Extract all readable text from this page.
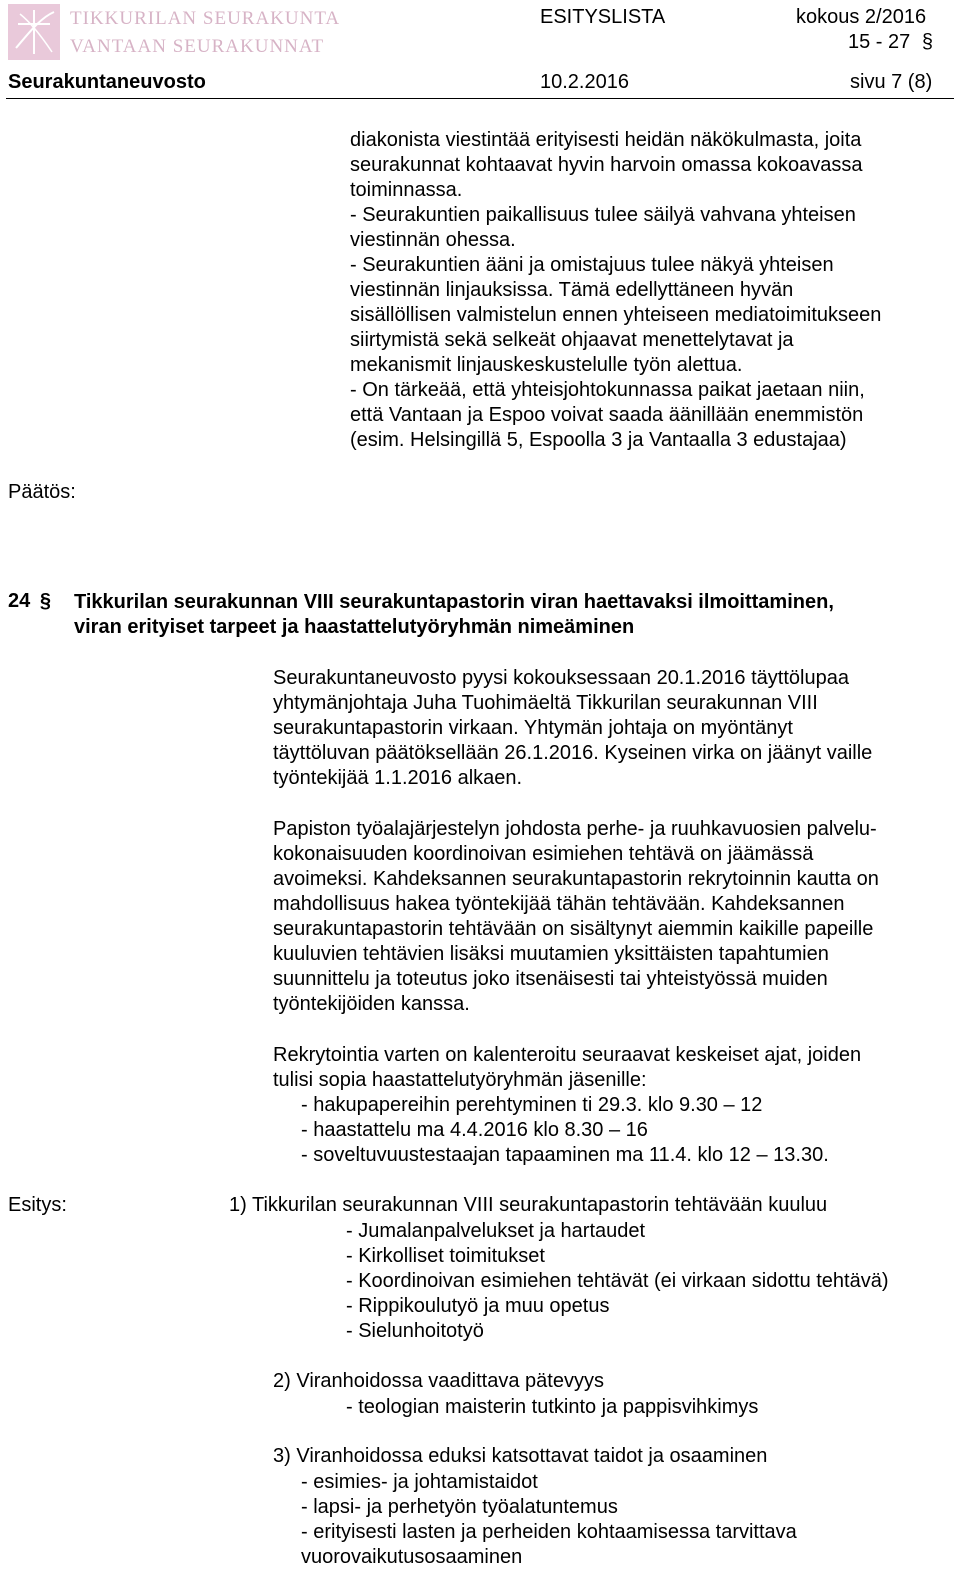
TIKKURILAN SEURAKUNTA
VANTAAN SEURAKUNNAT
ESITYSLISTA	kokous 2/2016
15 - 27 §
Seurakuntaneuvosto	10.2.2016	sivu 7 (8)
diakonista viestintää erityisesti heidän näkökulmasta, joita
seurakunnat kohtaavat hyvin harvoin omassa kokoavassa
toiminnassa.
- Seurakuntien paikallisuus tulee säilyä vahvana yhteisen
viestinnän ohessa.
- Seurakuntien ääni ja omistajuus tulee näkyä yhteisen
viestinnän linjauksissa. Tämä edellyttäneen hyvän
sisällöllisen valmistelun ennen yhteiseen mediatoimitukseen
siirtymistä sekä selkeät ohjaavat menettelytavat ja
mekanismit linjauskeskustelulle työn alettua.
- On tärkeää, että yhteisjohtokunnassa paikat jaetaan niin,
että Vantaan ja Espoo voivat saada äänillään enemmistön
(esim. Helsingillä 5, Espoolla 3 ja Vantaalla 3 edustajaa)
Päätös:
24 § Tikkurilan seurakunnan VIII seurakuntapastorin viran haettavaksi ilmoittaminen,
viran erityiset tarpeet ja haastattelutyöryhmän nimeäminen
Seurakuntaneuvosto pyysi kokouksessaan 20.1.2016 täyttölupaa
yhtymänjohtaja Juha Tuohimäeltä Tikkurilan seurakunnan VIII
seurakuntapastorin virkaan. Yhtymän johtaja on myöntänyt
täyttöluvan päätöksellään 26.1.2016. Kyseinen virka on jäänyt vaille
työntekijää 1.1.2016 alkaen.
Papiston työalajärjestelyn johdosta perhe- ja ruuhkavuosien palvelu-
kokonaisuuden koordinoivan esimiehen tehtävä on jäämässä
avoimeksi. Kahdeksannen seurakuntapastorin rekrytoinnin kautta on
mahdollisuus hakea työntekijää tähän tehtävään. Kahdeksannen
seurakuntapastorin tehtävään on sisältynyt aiemmin kaikille papeille
kuuluvien tehtävien lisäksi muutamien yksittäisten tapahtumien
suunnittelu ja toteutus joko itsenäisesti tai yhteistyössä muiden
työntekijöiden kanssa.
Rekrytointia varten on kalenteroitu seuraavat keskeiset ajat, joiden
tulisi sopia haastattelutyöryhmän jäsenille:
- hakupapereihin perehtyminen ti 29.3. klo 9.30 – 12
- haastattelu ma 4.4.2016 klo 8.30 – 16
- soveltuvuustestaajan tapaaminen ma 11.4. klo 12 – 13.30.
Esitys:	1) Tikkurilan seurakunnan VIII seurakuntapastorin tehtävään kuuluu
- Jumalanpalvelukset ja hartaudet
- Kirkolliset toimitukset
- Koordinoivan esimiehen tehtävät (ei virkaan sidottu tehtävä)
- Rippikoulutyö ja muu opetus
- Sielunhoitotyö
2) Viranhoidossa vaadittava pätevyys
- teologian maisterin tutkinto ja pappisvihkimys
3) Viranhoidossa eduksi katsottavat taidot ja osaaminen
- esimies- ja johtamistaidot
- lapsi- ja perhetyön työalatuntemus
- erityisesti lasten ja perheiden kohtaamisessa tarvittava
vuorovaikutusosaaminen
